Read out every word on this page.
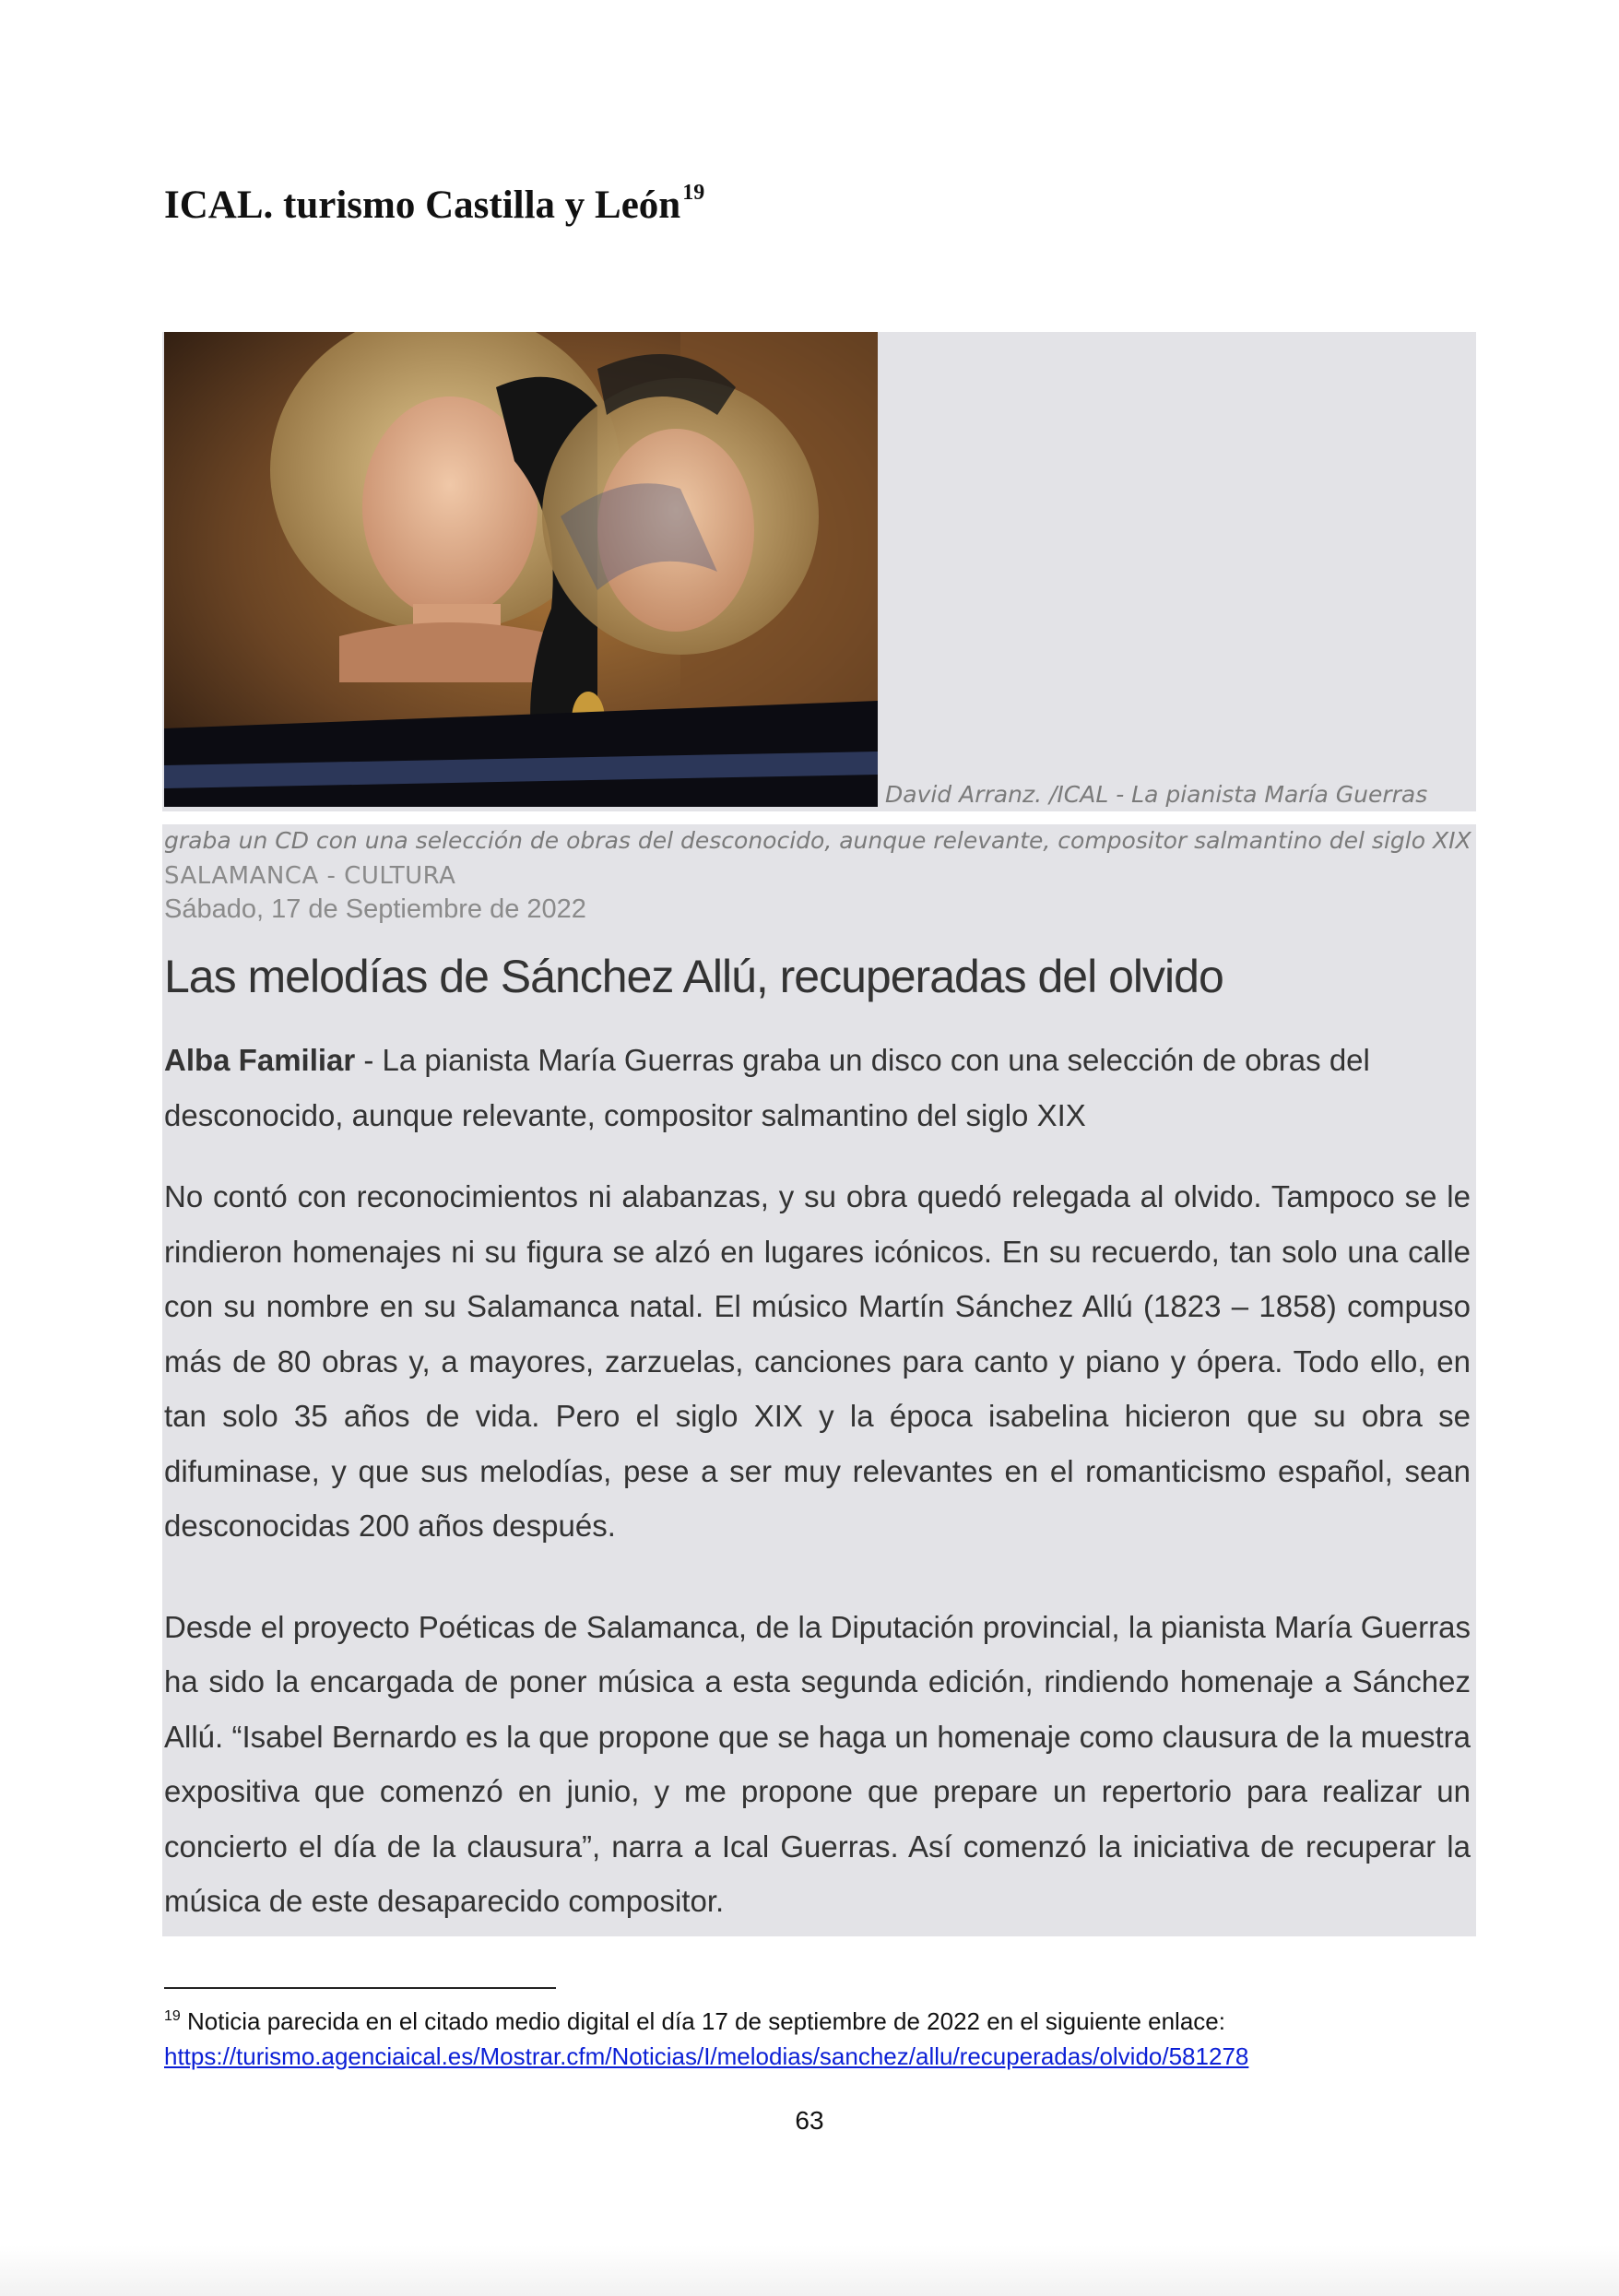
ICAL. turismo Castilla y León$^{19}$
David Arranz. /ICAL - La pianista María Guerras
graba un CD con una selección de obras del desconocido, aunque relevante, compositor salmantino del siglo XIX
SALAMANCA - CULTURA
Sábado, 17 de Septiembre de 2022
Las melodías de Sánchez Allú, recuperadas del olvido

Alba Familiar - La pianista María Guerras graba un disco con una selección de obras del desconocido, aunque relevante, compositor salmantino del siglo XIX

No contó con reconocimientos ni alabanzas, y su obra quedó relegada al olvido. Tampoco se le rindieron homenajes ni su figura se alzó en lugares icónicos. En su recuerdo, tan solo una calle con su nombre en su Salamanca natal. El músico Martín Sánchez Allú (1823 – 1858) compuso más de 80 obras y, a mayores, zarzuelas, canciones para canto y piano y ópera. Todo ello, en tan solo 35 años de vida. Pero el siglo XIX y la época isabelina hicieron que su obra se difuminase, y que sus melodías, pese a ser muy relevantes en el romanticismo español, sean desconocidas 200 años después.

Desde el proyecto Poéticas de Salamanca, de la Diputación provincial, la pianista María Guerras ha sido la encargada de poner música a esta segunda edición, rindiendo homenaje a Sánchez Allú. “Isabel Bernardo es la que propone que se haga un homenaje como clausura de la muestra expositiva que comenzó en junio, y me propone que prepare un repertorio para realizar un concierto el día de la clausura”, narra a Ical Guerras. Así comenzó la iniciativa de recuperar la música de este desaparecido compositor.

$^{19}$ Noticia parecida en el citado medio digital el día 17 de septiembre de 2022 en el siguiente enlace:
https://turismo.agenciaical.es/Mostrar.cfm/Noticias/I/melodias/sanchez/allu/recuperadas/olvido/581278
63
